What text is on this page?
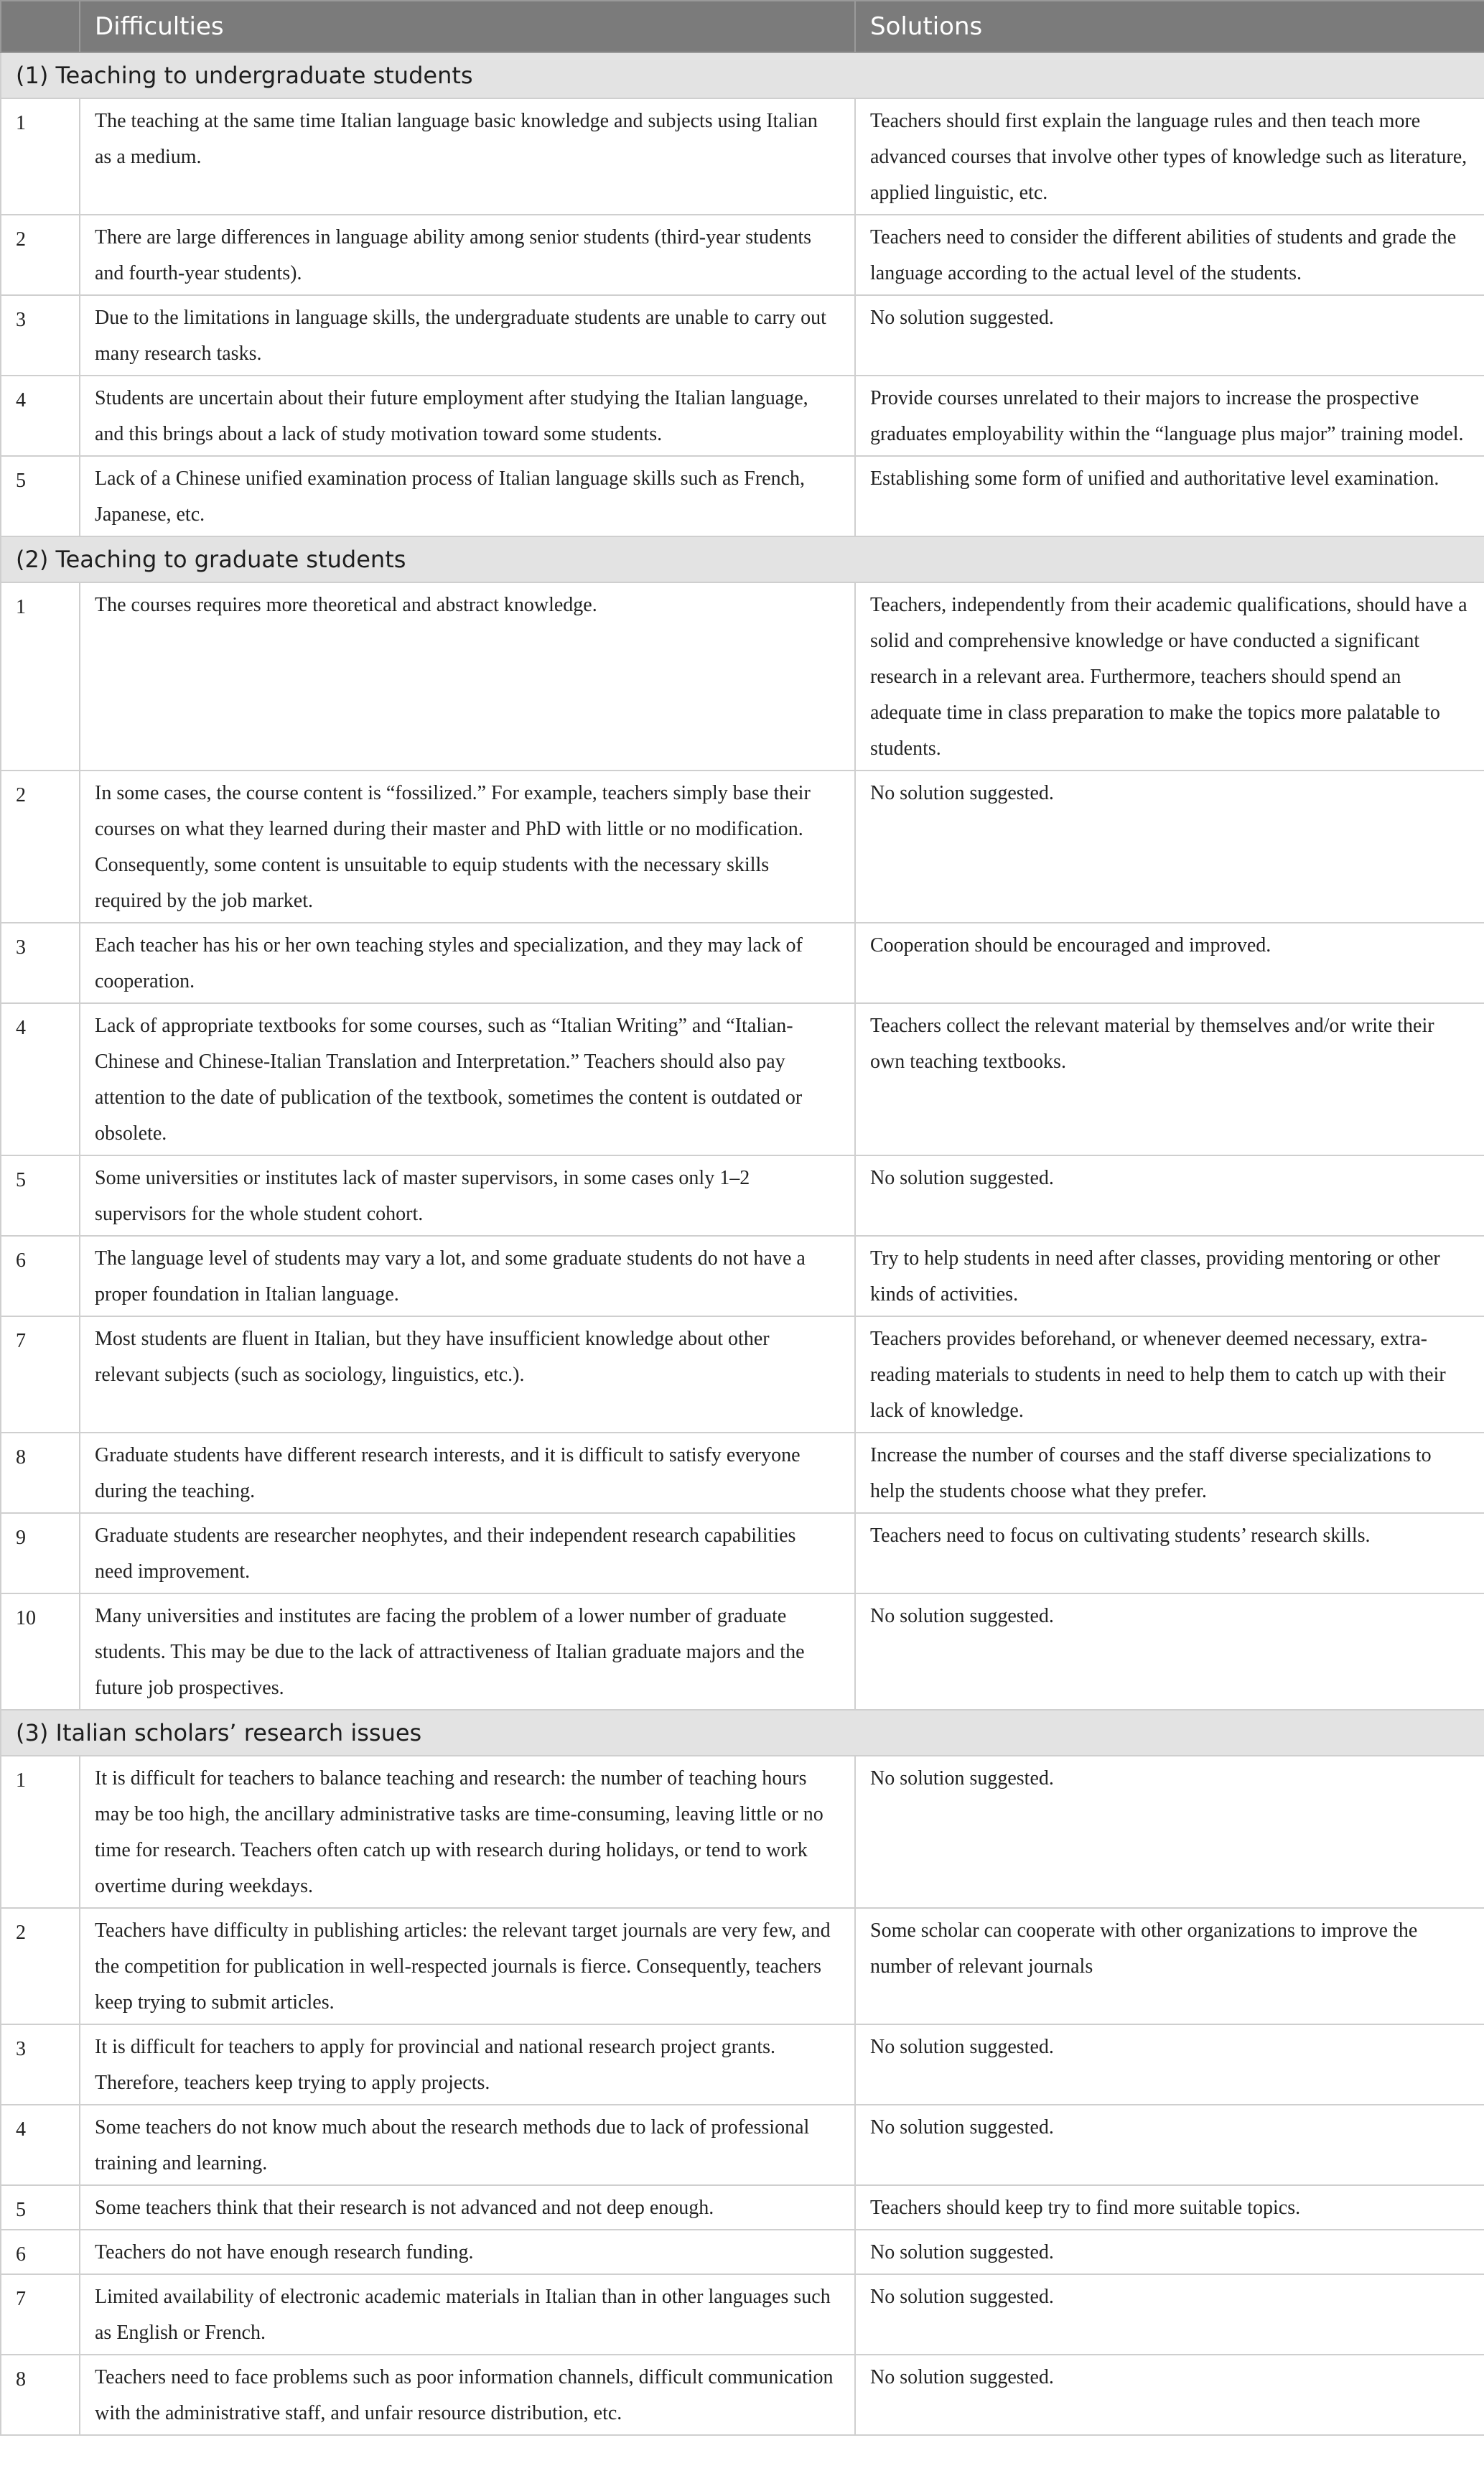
	Difficulties	Solutions
(1) Teaching to undergraduate students		
1	The teaching at the same time Italian language basic knowledge and subjects using Italian as a medium.	Teachers should first explain the language rules and then teach more advanced courses that involve other types of knowledge such as literature, applied linguistic, etc.
2	There are large differences in language ability among senior students (third-year students and fourth-year students).	Teachers need to consider the different abilities of students and grade the language according to the actual level of the students.
3	Due to the limitations in language skills, the undergraduate students are unable to carry out many research tasks.	No solution suggested.
4	Students are uncertain about their future employment after studying the Italian language, and this brings about a lack of study motivation toward some students.	Provide courses unrelated to their majors to increase the prospective graduates employability within the “language plus major” training model.
5	Lack of a Chinese unified examination process of Italian language skills such as French, Japanese, etc.	Establishing some form of unified and authoritative level examination.
(2) Teaching to graduate students		
1	The courses requires more theoretical and abstract knowledge.	Teachers, independently from their academic qualifications, should have a solid and comprehensive knowledge or have conducted a significant research in a relevant area. Furthermore, teachers should spend an adequate time in class preparation to make the topics more palatable to students.
2	In some cases, the course content is “fossilized.” For example, teachers simply base their courses on what they learned during their master and PhD with little or no modification. Consequently, some content is unsuitable to equip students with the necessary skills required by the job market.	No solution suggested.
3	Each teacher has his or her own teaching styles and specialization, and they may lack of cooperation.	Cooperation should be encouraged and improved.
4	Lack of appropriate textbooks for some courses, such as “Italian Writing” and “Italian-Chinese and Chinese-Italian Translation and Interpretation.” Teachers should also pay attention to the date of publication of the textbook, sometimes the content is outdated or obsolete.	Teachers collect the relevant material by themselves and/or write their own teaching textbooks.
5	Some universities or institutes lack of master supervisors, in some cases only 1–2 supervisors for the whole student cohort.	No solution suggested.
6	The language level of students may vary a lot, and some graduate students do not have a proper foundation in Italian language.	Try to help students in need after classes, providing mentoring or other kinds of activities.
7	Most students are fluent in Italian, but they have insufficient knowledge about other relevant subjects (such as sociology, linguistics, etc.).	Teachers provides beforehand, or whenever deemed necessary, extra-reading materials to students in need to help them to catch up with their lack of knowledge.
8	Graduate students have different research interests, and it is difficult to satisfy everyone during the teaching.	Increase the number of courses and the staff diverse specializations to help the students choose what they prefer.
9	Graduate students are researcher neophytes, and their independent research capabilities need improvement.	Teachers need to focus on cultivating students’ research skills.
10	Many universities and institutes are facing the problem of a lower number of graduate students. This may be due to the lack of attractiveness of Italian graduate majors and the future job prospectives.	No solution suggested.
(3) Italian scholars’ research issues		
1	It is difficult for teachers to balance teaching and research: the number of teaching hours may be too high, the ancillary administrative tasks are time-consuming, leaving little or no time for research. Teachers often catch up with research during holidays, or tend to work overtime during weekdays.	No solution suggested.
2	Teachers have difficulty in publishing articles: the relevant target journals are very few, and the competition for publication in well-respected journals is fierce. Consequently, teachers keep trying to submit articles.	Some scholar can cooperate with other organizations to improve the number of relevant journals
3	It is difficult for teachers to apply for provincial and national research project grants. Therefore, teachers keep trying to apply projects.	No solution suggested.
4	Some teachers do not know much about the research methods due to lack of professional training and learning.	No solution suggested.
5	Some teachers think that their research is not advanced and not deep enough.	Teachers should keep try to find more suitable topics.
6	Teachers do not have enough research funding.	No solution suggested.
7	Limited availability of electronic academic materials in Italian than in other languages such as English or French.	No solution suggested.
8	Teachers need to face problems such as poor information channels, difficult communication with the administrative staff, and unfair resource distribution, etc.	No solution suggested.
